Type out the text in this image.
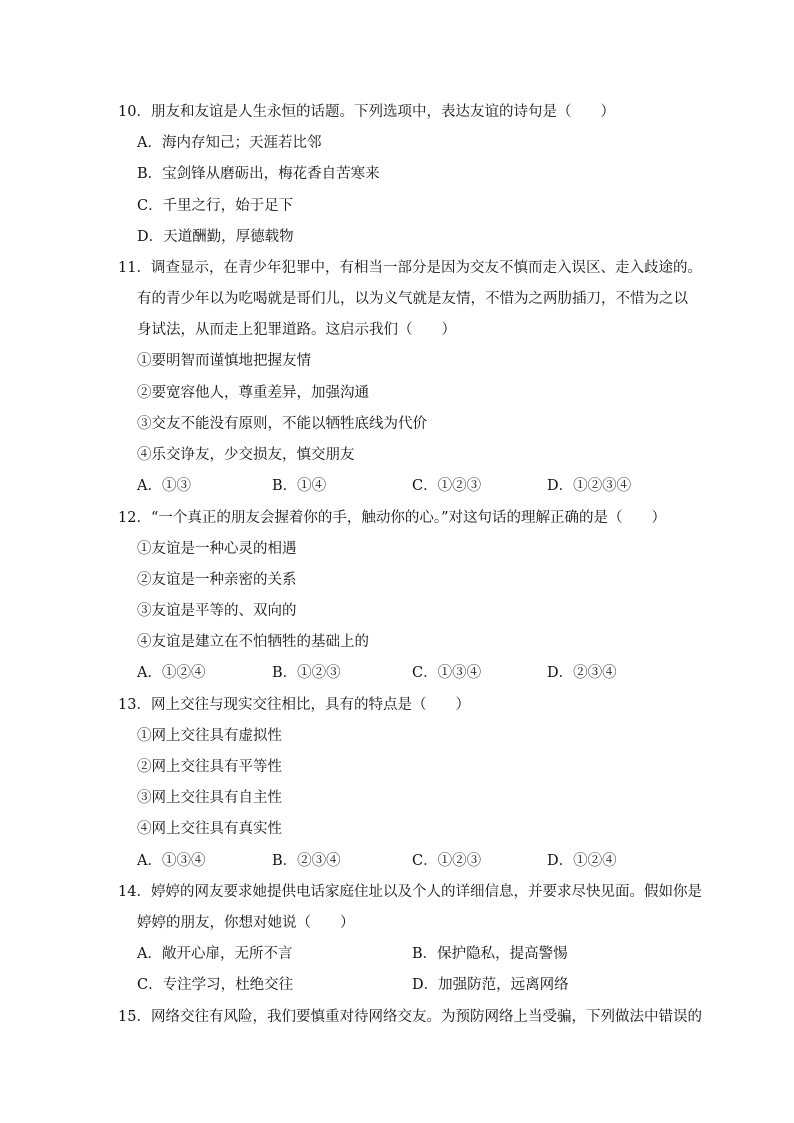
10．朋友和友谊是人生永恒的话题。下列选项中，表达友谊的诗句是（　　）
A．海内存知己；天涯若比邻
B．宝剑锋从磨砺出，梅花香自苦寒来
C．千里之行，始于足下
D．天道酬勤，厚德载物
11．调查显示，在青少年犯罪中，有相当一部分是因为交友不慎而走入误区、走入歧途的。
有的青少年以为吃喝就是哥们儿，以为义气就是友情，不惜为之两肋插刀，不惜为之以
身试法，从而走上犯罪道路。这启示我们（　　）
①要明智而谨慎地把握友情
②要宽容他人，尊重差异，加强沟通
③交友不能没有原则，不能以牺牲底线为代价
④乐交诤友，少交损友，慎交朋友
A．①③	B．①④	C．①②③	D．①②③④
12．“一个真正的朋友会握着你的手，触动你的心。”对这句话的理解正确的是（　　）
①友谊是一种心灵的相遇
②友谊是一种亲密的关系
③友谊是平等的、双向的
④友谊是建立在不怕牺牲的基础上的
A．①②④	B．①②③	C．①③④	D．②③④
13．网上交往与现实交往相比，具有的特点是（　　）
①网上交往具有虚拟性
②网上交往具有平等性
③网上交往具有自主性
④网上交往具有真实性
A．①③④	B．②③④	C．①②③	D．①②④
14．婷婷的网友要求她提供电话家庭住址以及个人的详细信息，并要求尽快见面。假如你是
婷婷的朋友，你想对她说（　　）
A．敞开心扉，无所不言	B．保护隐私，提高警惕
C．专注学习，杜绝交往	D．加强防范，远离网络
15．网络交往有风险，我们要慎重对待网络交友。为预防网络上当受骗，下列做法中错误的
